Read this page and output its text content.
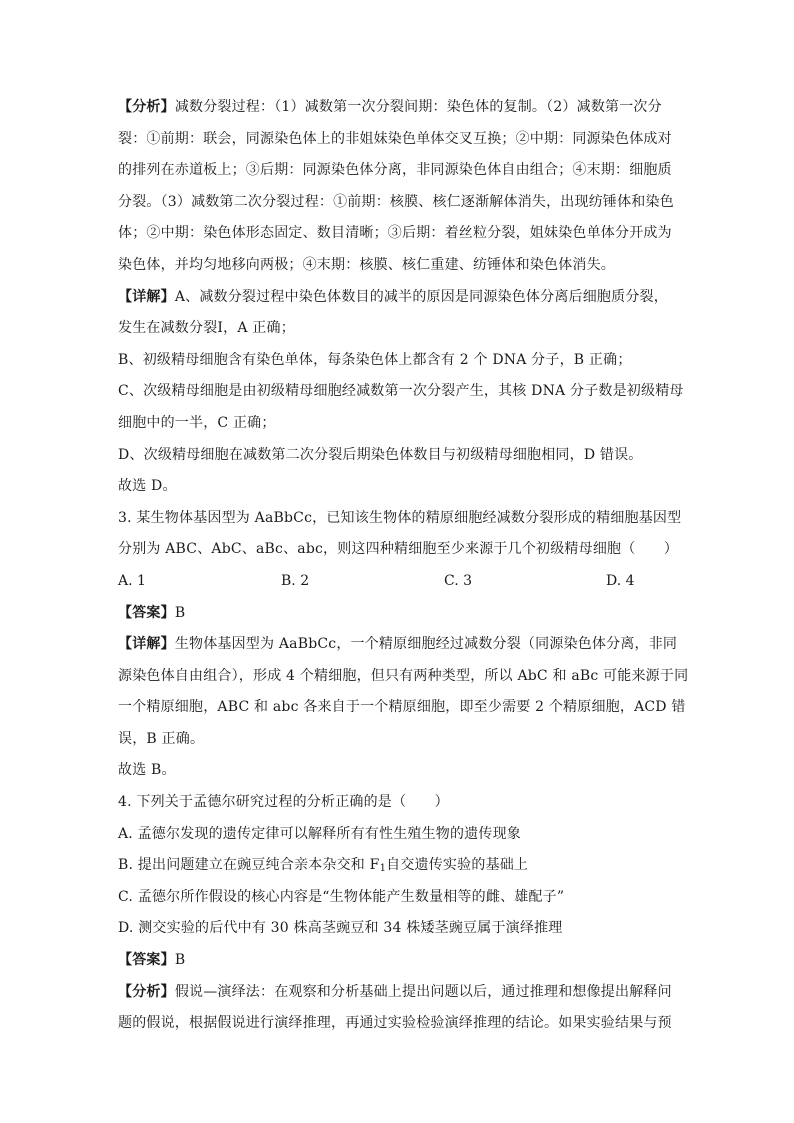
【分析】减数分裂过程：（1）减数第一次分裂间期：染色体的复制。（2）减数第一次分
裂：①前期：联会，同源染色体上的非姐妹染色单体交叉互换；②中期：同源染色体成对
的排列在赤道板上；③后期：同源染色体分离，非同源染色体自由组合；④末期：细胞质
分裂。（3）减数第二次分裂过程：①前期：核膜、核仁逐渐解体消失，出现纺锤体和染色
体；②中期：染色体形态固定、数目清晰；③后期：着丝粒分裂，姐妹染色单体分开成为
染色体，并均匀地移向两极；④末期：核膜、核仁重建、纺锤体和染色体消失。
【详解】A、减数分裂过程中染色体数目的减半的原因是同源染色体分离后细胞质分裂，
发生在减数分裂Ⅰ，A 正确；
B、初级精母细胞含有染色单体，每条染色体上都含有 2 个 DNA 分子，B 正确；
C、次级精母细胞是由初级精母细胞经减数第一次分裂产生，其核 DNA 分子数是初级精母
细胞中的一半，C 正确；
D、次级精母细胞在减数第二次分裂后期染色体数目与初级精母细胞相同，D 错误。
故选 D。
3. 某生物体基因型为 AaBbCc，已知该生物体的精原细胞经减数分裂形成的精细胞基因型
分别为 ABC、AbC、aBc、abc，则这四种精细胞至少来源于几个初级精母细胞（　　）
A. 1	B. 2	C. 3	D. 4
【答案】B
【详解】生物体基因型为 AaBbCc，一个精原细胞经过减数分裂（同源染色体分离，非同
源染色体自由组合），形成 4 个精细胞，但只有两种类型，所以 AbC 和 aBc 可能来源于同
一个精原细胞，ABC 和 abc 各来自于一个精原细胞，即至少需要 2 个精原细胞，ACD 错
误，B 正确。
故选 B。
4. 下列关于孟德尔研究过程的分析正确的是（　　）
A. 孟德尔发现的遗传定律可以解释所有有性生殖生物的遗传现象
B. 提出问题建立在豌豆纯合亲本杂交和 $F_1$自交遗传实验的基础上
C. 孟德尔所作假设的核心内容是“生物体能产生数量相等的雌、雄配子”
D. 测交实验的后代中有 30 株高茎豌豆和 34 株矮茎豌豆属于演绎推理
【答案】B
【分析】假说—演绎法：在观察和分析基础上提出问题以后，通过推理和想像提出解释问
题的假说，根据假说进行演绎推理，再通过实验检验演绎推理的结论。如果实验结果与预
